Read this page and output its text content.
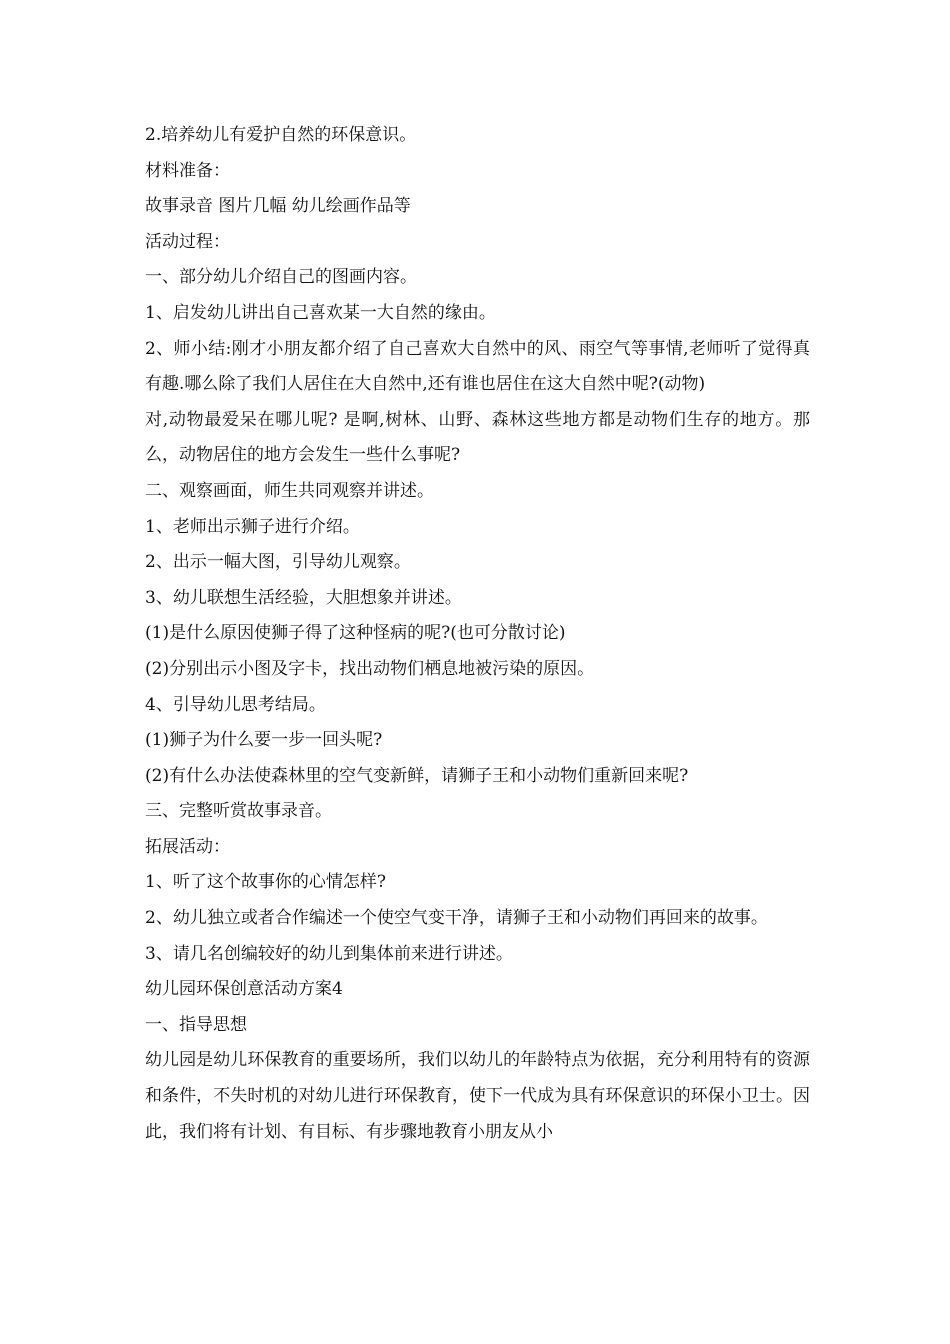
2.培养幼儿有爱护自然的环保意识。

材料准备：

故事录音 图片几幅 幼儿绘画作品等

活动过程：

一、部分幼儿介绍自己的图画内容。

1、启发幼儿讲出自己喜欢某一大自然的缘由。

2、师小结:刚才小朋友都介绍了自己喜欢大自然中的风、雨空气等事情,老师听了觉得真有趣.哪么除了我们人居住在大自然中,还有谁也居住在这大自然中呢?(动物)

对,动物最爱呆在哪儿呢? 是啊,树林、山野、森林这些地方都是动物们生存的地方。那么，动物居住的地方会发生一些什么事呢?

二、观察画面，师生共同观察并讲述。

1、老师出示狮子进行介绍。

2、出示一幅大图，引导幼儿观察。

3、幼儿联想生活经验，大胆想象并讲述。

(1)是什么原因使狮子得了这种怪病的呢?(也可分散讨论)

(2)分别出示小图及字卡，找出动物们栖息地被污染的原因。

4、引导幼儿思考结局。

(1)狮子为什么要一步一回头呢?

(2)有什么办法使森林里的空气变新鲜，请狮子王和小动物们重新回来呢?

三、完整听赏故事录音。

拓展活动：

1、听了这个故事你的心情怎样?

2、幼儿独立或者合作编述一个使空气变干净，请狮子王和小动物们再回来的故事。

3、请几名创编较好的幼儿到集体前来进行讲述。

幼儿园环保创意活动方案4

一、指导思想

幼儿园是幼儿环保教育的重要场所，我们以幼儿的年龄特点为依据，充分利用特有的资源和条件，不失时机的对幼儿进行环保教育，使下一代成为具有环保意识的环保小卫士。因此，我们将有计划、有目标、有步骤地教育小朋友从小
